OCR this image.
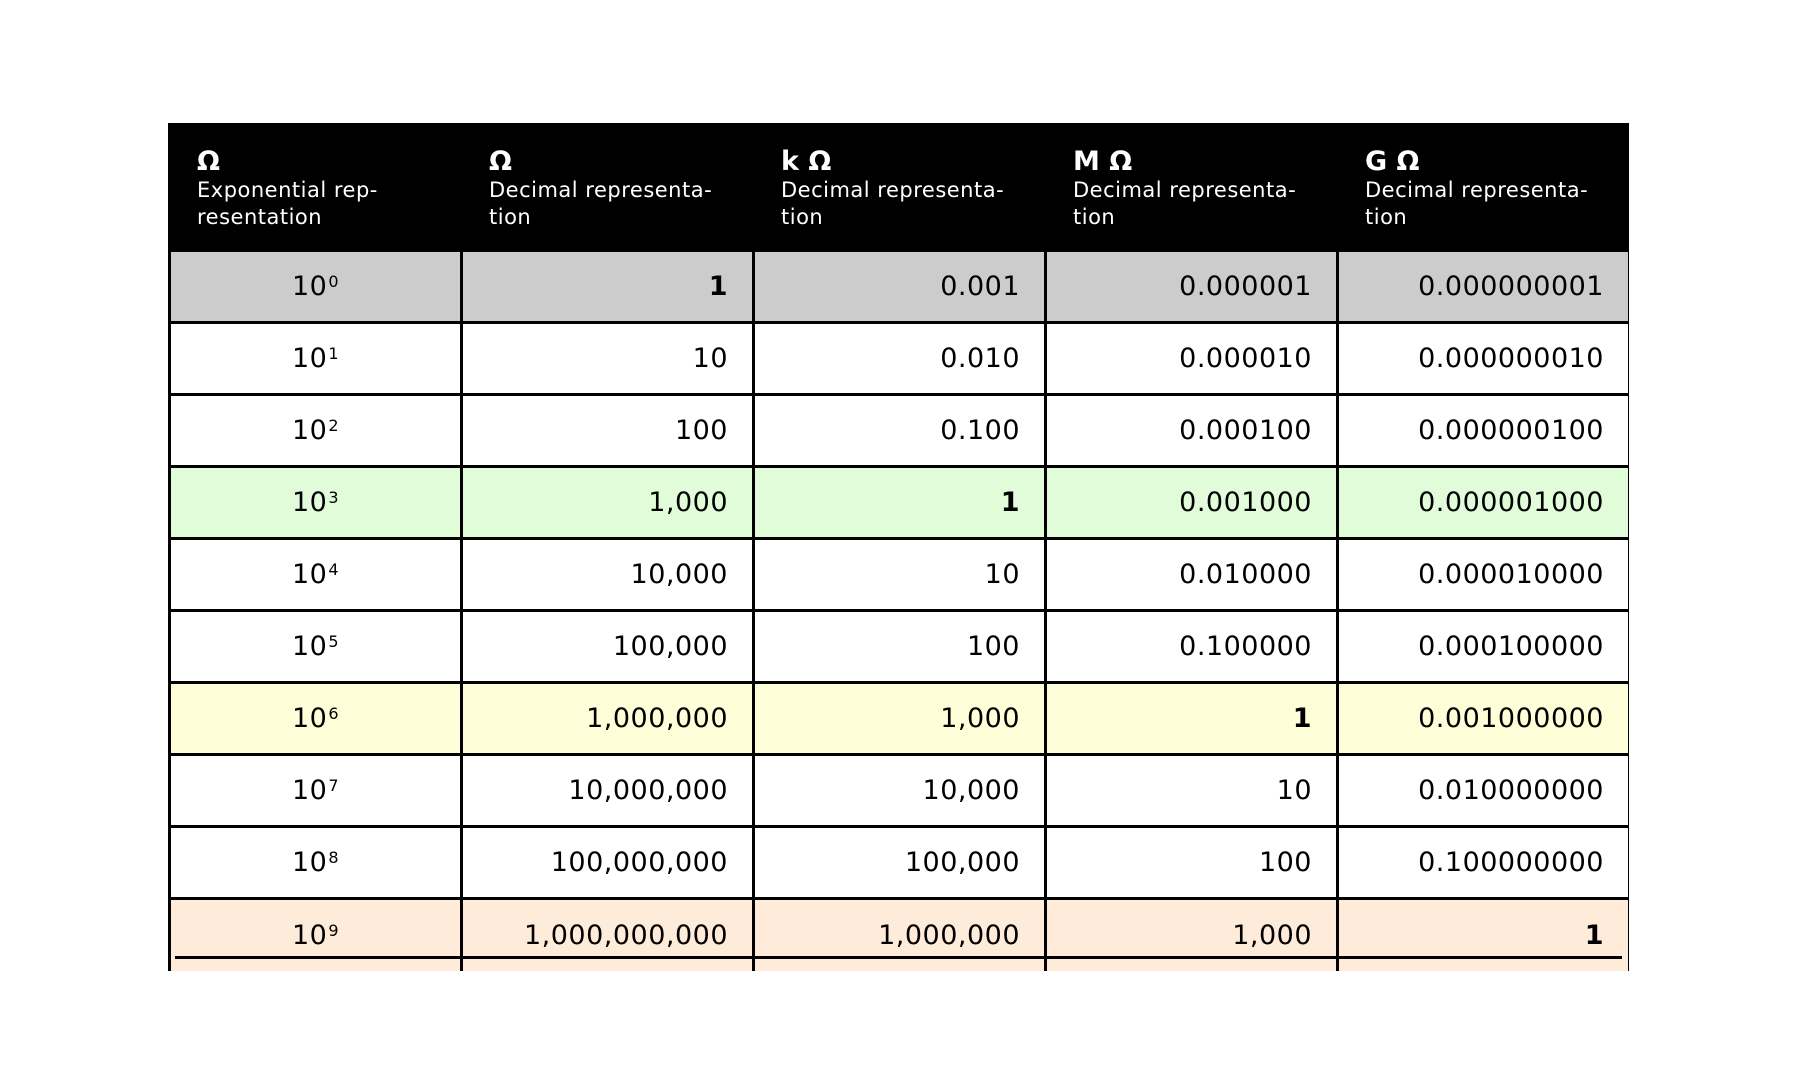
Ω
Exponential rep-
resentation	Ω
Decimal representa-
tion	k Ω
Decimal representa-
tion	M Ω
Decimal representa-
tion	G Ω
Decimal representa-
tion

$10^0$	1	0.001	0.000001	0.000000001
$10^1$	10	0.010	0.000010	0.000000010
$10^2$	100	0.100	0.000100	0.000000100
$10^3$	1,000	1	0.001000	0.000001000
$10^4$	10,000	10	0.010000	0.000010000
$10^5$	100,000	100	0.100000	0.000100000
$10^6$	1,000,000	1,000	1	0.001000000
$10^7$	10,000,000	10,000	10	0.010000000
$10^8$	100,000,000	100,000	100	0.100000000
$10^9$	1,000,000,000	1,000,000	1,000	1
